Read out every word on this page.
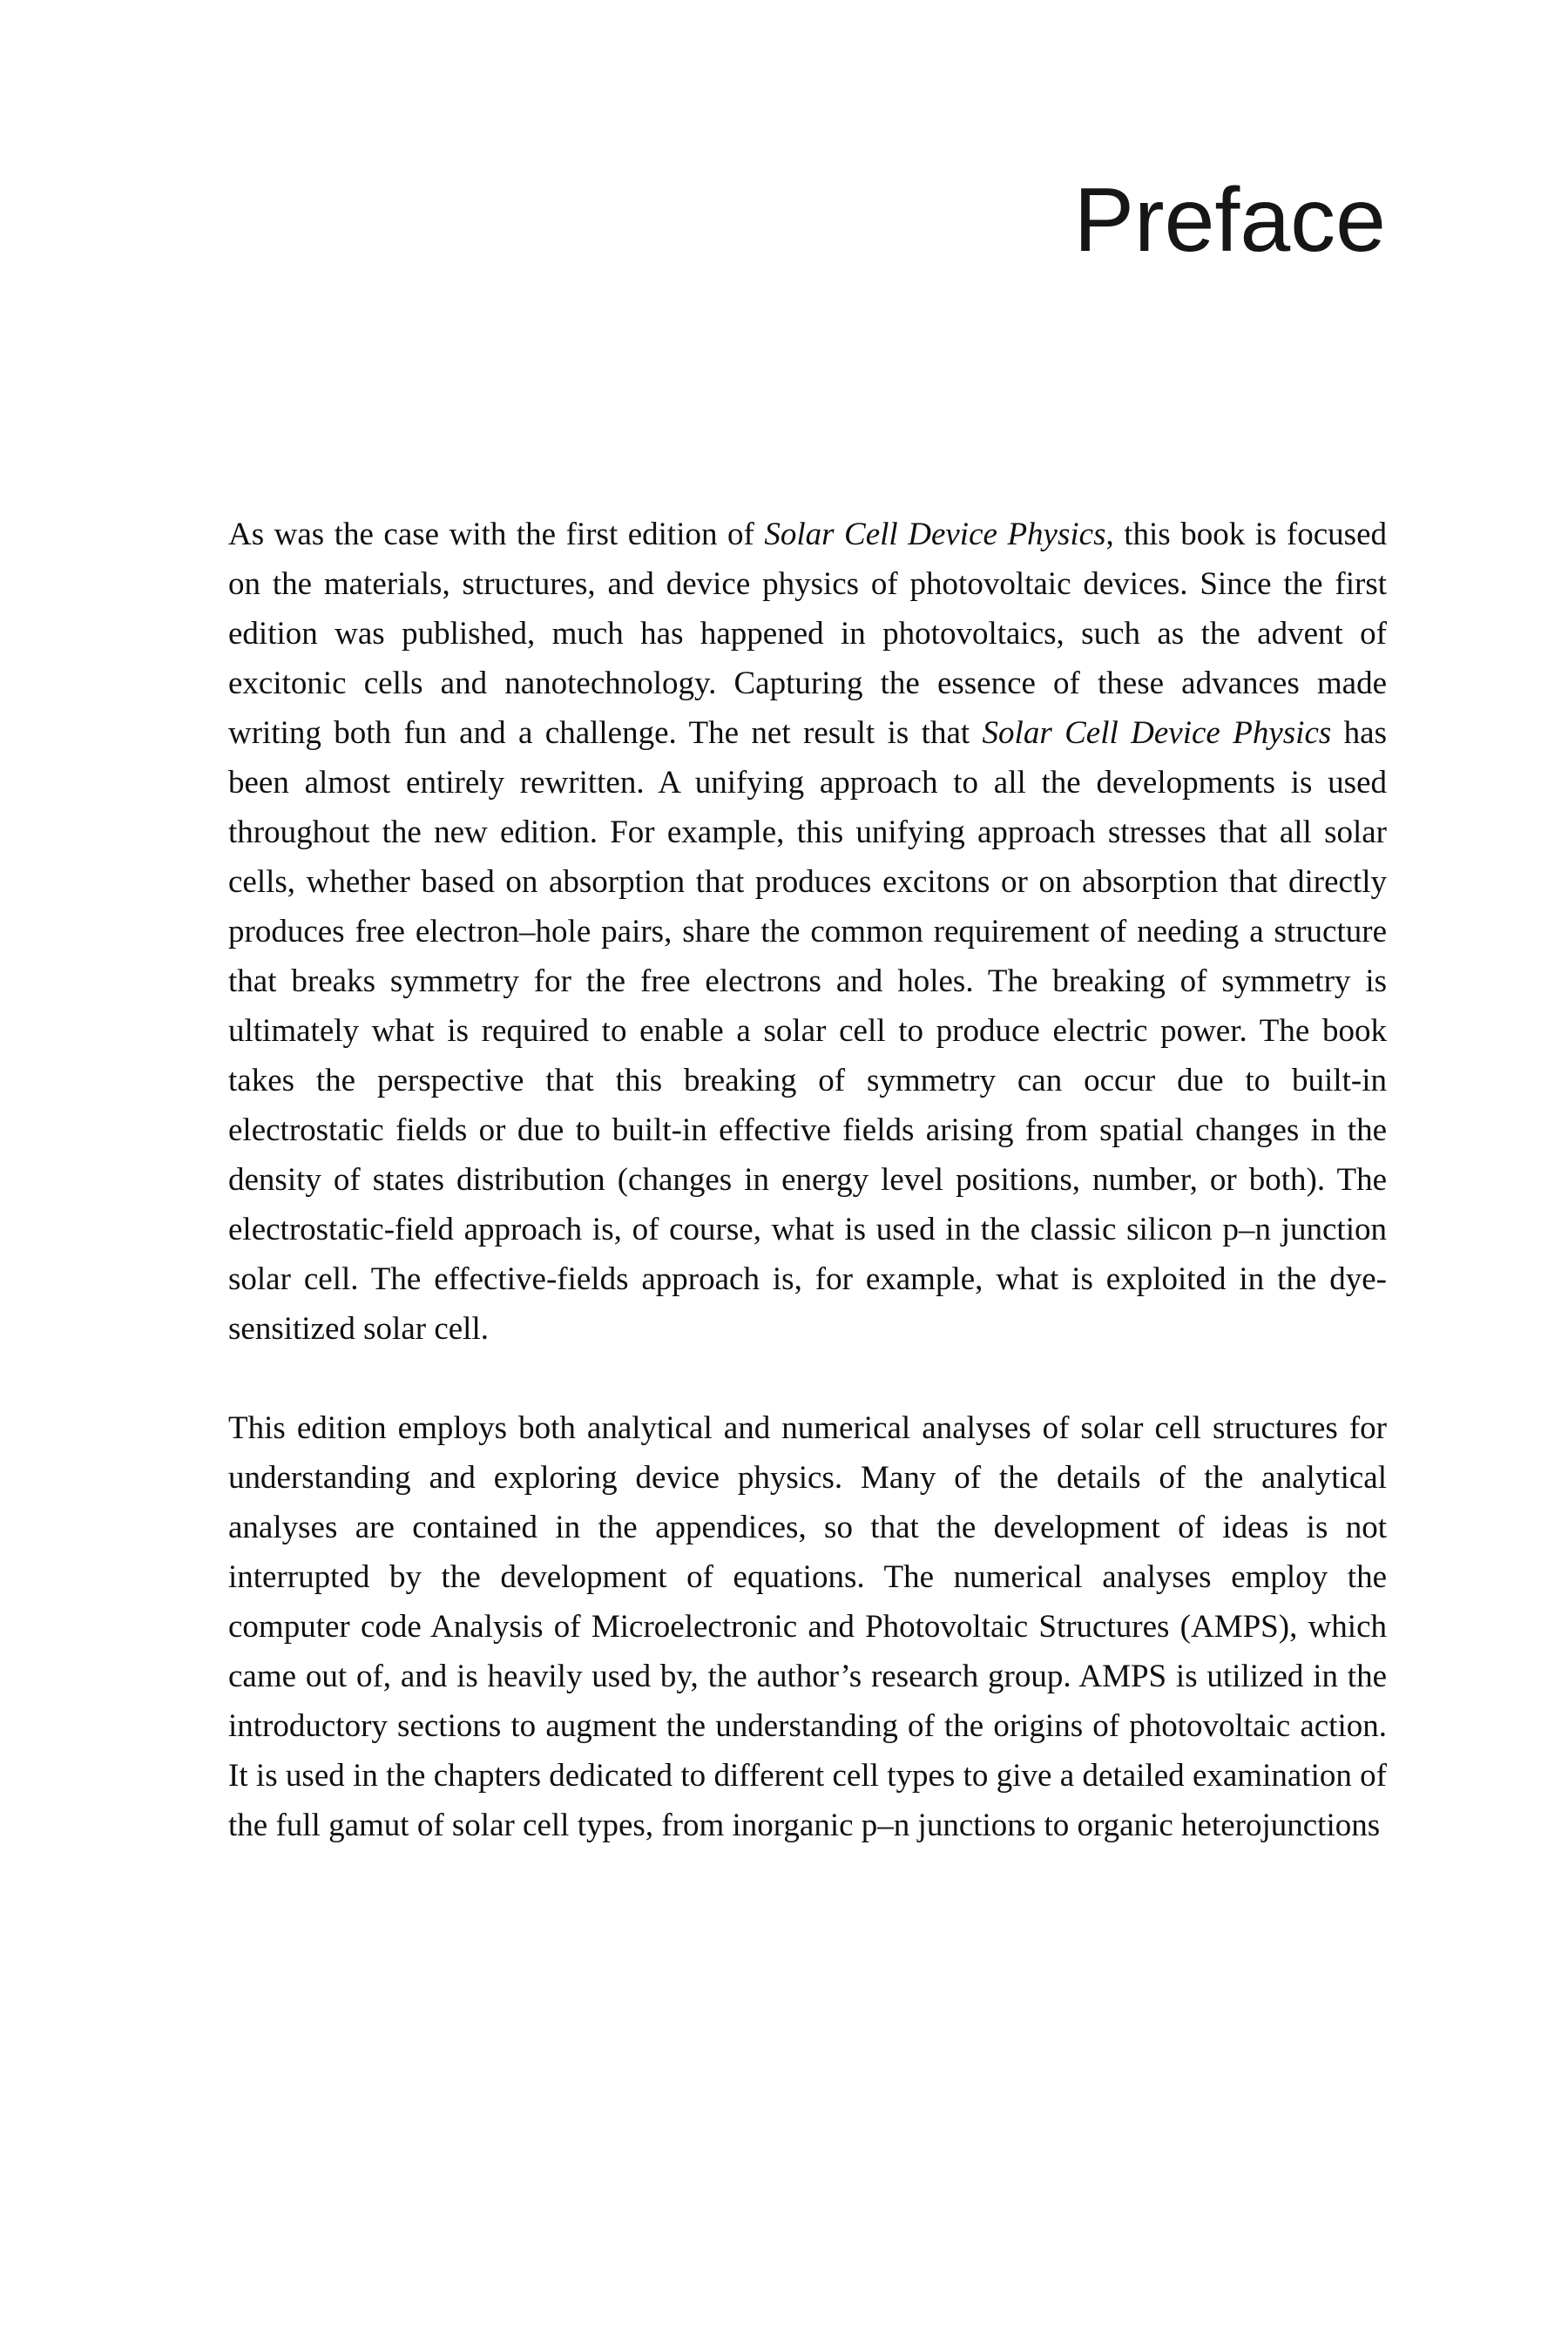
Preface

As was the case with the first edition of Solar Cell Device Physics, this book is focused on the materials, structures, and device physics of photovoltaic devices. Since the first edition was published, much has happened in photovoltaics, such as the advent of excitonic cells and nanotechnology. Capturing the essence of these advances made writing both fun and a challenge. The net result is that Solar Cell Device Physics has been almost entirely rewritten. A unifying approach to all the developments is used throughout the new edition. For example, this unifying approach stresses that all solar cells, whether based on absorption that produces excitons or on absorption that directly produces free electron–hole pairs, share the common requirement of needing a structure that breaks symmetry for the free electrons and holes. The breaking of symmetry is ultimately what is required to enable a solar cell to produce electric power. The book takes the perspective that this breaking of symmetry can occur due to built-in electrostatic fields or due to built-in effective fields arising from spatial changes in the density of states distribution (changes in energy level positions, number, or both). The electrostatic-field approach is, of course, what is used in the classic silicon p–n junction solar cell. The effective-fields approach is, for example, what is exploited in the dye-sensitized solar cell.

This edition employs both analytical and numerical analyses of solar cell structures for understanding and exploring device physics. Many of the details of the analytical analyses are contained in the appendices, so that the development of ideas is not interrupted by the development of equations. The numerical analyses employ the computer code Analysis of Microelectronic and Photovoltaic Structures (AMPS), which came out of, and is heavily used by, the author’s research group. AMPS is utilized in the introductory sections to augment the understanding of the origins of photovoltaic action. It is used in the chapters dedicated to different cell types to give a detailed examination of the full gamut of solar cell types, from inorganic p–n junctions to organic heterojunctions
